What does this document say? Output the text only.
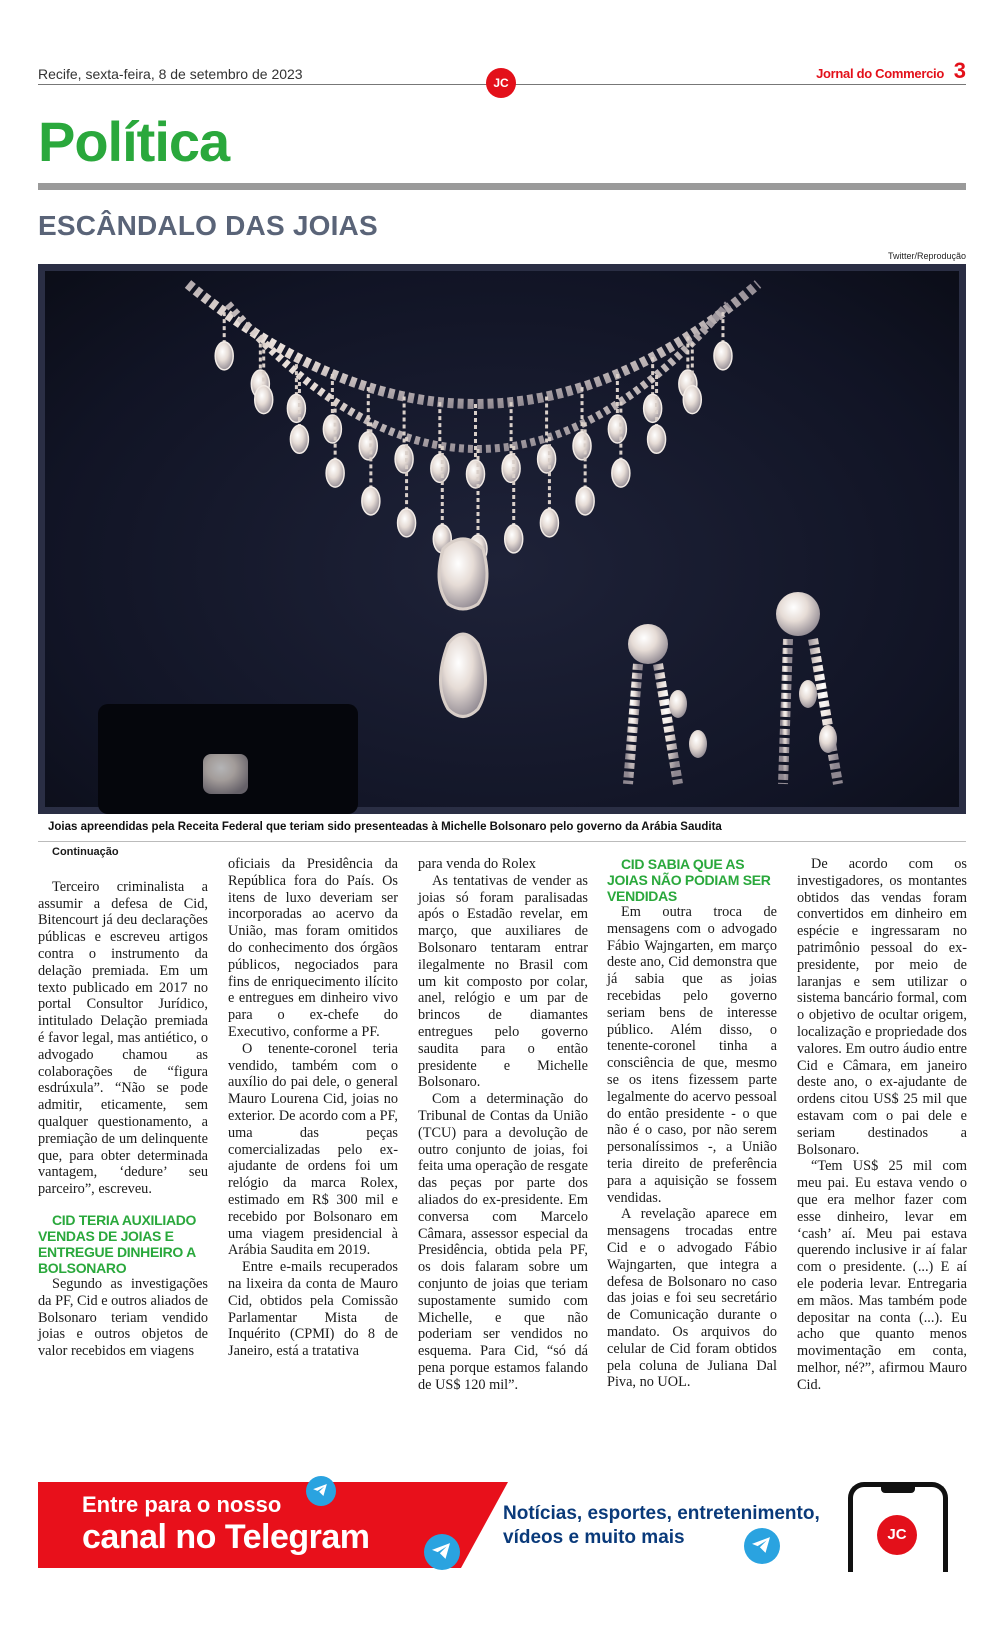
Recife, sexta-feira, 8 de setembro de 2023
JC
Jornal do Commercio 3
Política
ESCÂNDALO DAS JOIAS
Twitter/Reprodução
Joias apreendidas pela Receita Federal que teriam sido presenteadas à Michelle Bolsonaro pelo governo da Arábia Saudita

Continuação

Terceiro criminalista a assumir a defesa de Cid, Bitencourt já deu declarações públicas e escreveu artigos contra o instrumento da delação premiada. Em um texto publicado em 2017 no portal Consultor Jurídico, intitulado Delação premiada é favor legal, mas antiético, o advogado chamou as colaborações de “figura esdrúxula”. “Não se pode admitir, eticamente, sem qualquer questionamento, a premiação de um delinquente que, para obter determinada vantagem, ‘dedure’ seu parceiro”, escreveu.

CID TERIA AUXILIADO VENDAS DE JOIAS E ENTREGUE DINHEIRO A BOLSONARO

Segundo as investigações da PF, Cid e outros aliados de Bolsonaro teriam vendido joias e outros objetos de valor recebidos em viagens

oficiais da Presidência da República fora do País. Os itens de luxo deveriam ser incorporadas ao acervo da União, mas foram omitidos do conhecimento dos órgãos públicos, negociados para fins de enriquecimento ilícito e entregues em dinheiro vivo para o ex-chefe do Executivo, conforme a PF.

O tenente-coronel teria vendido, também com o auxílio do pai dele, o general Mauro Lourena Cid, joias no exterior. De acordo com a PF, uma das peças comercializadas pelo ex-ajudante de ordens foi um relógio da marca Rolex, estimado em R$ 300 mil e recebido por Bolsonaro em uma viagem presidencial à Arábia Saudita em 2019.

Entre e-mails recuperados na lixeira da conta de Mauro Cid, obtidos pela Comissão Parlamentar Mista de Inquérito (CPMI) do 8 de Janeiro, está a tratativa

para venda do Rolex

As tentativas de vender as joias só foram paralisadas após o Estadão revelar, em março, que auxiliares de Bolsonaro tentaram entrar ilegalmente no Brasil com um kit composto por colar, anel, relógio e um par de brincos de diamantes entregues pelo governo saudita para o então presidente e Michelle Bolsonaro.

Com a determinação do Tribunal de Contas da União (TCU) para a devolução de outro conjunto de joias, foi feita uma operação de resgate das peças por parte dos aliados do ex-presidente. Em conversa com Marcelo Câmara, assessor especial da Presidência, obtida pela PF, os dois falaram sobre um conjunto de joias que teriam supostamente sumido com Michelle, e que não poderiam ser vendidos no esquema. Para Cid, “só dá pena porque estamos falando de US$ 120 mil”.

CID SABIA QUE AS JOIAS NÃO PODIAM SER VENDIDAS

Em outra troca de mensagens com o advogado Fábio Wajngarten, em março deste ano, Cid demonstra que já sabia que as joias recebidas pelo governo seriam bens de interesse público. Além disso, o tenente-coronel tinha a consciência de que, mesmo se os itens fizessem parte legalmente do acervo pessoal do então presidente - o que não é o caso, por não serem personalíssimos -, a União teria direito de preferência para a aquisição se fossem vendidas.

A revelação aparece em mensagens trocadas entre Cid e o advogado Fábio Wajngarten, que integra a defesa de Bolsonaro no caso das joias e foi seu secretário de Comunicação durante o mandato. Os arquivos do celular de Cid foram obtidos pela coluna de Juliana Dal Piva, no UOL.

De acordo com os investigadores, os montantes obtidos das vendas foram convertidos em dinheiro em espécie e ingressaram no patrimônio pessoal do ex-presidente, por meio de laranjas e sem utilizar o sistema bancário formal, com o objetivo de ocultar origem, localização e propriedade dos valores. Em outro áudio entre Cid e Câmara, em janeiro deste ano, o ex-ajudante de ordens citou US$ 25 mil que estavam com o pai dele e seriam destinados a Bolsonaro.

“Tem US$ 25 mil com meu pai. Eu estava vendo o que era melhor fazer com esse dinheiro, levar em ‘cash’ aí. Meu pai estava querendo inclusive ir aí falar com o presidente. (...) E aí ele poderia levar. Entregaria em mãos. Mas também pode depositar na conta (...). Eu acho que quanto menos movimentação em conta, melhor, né?”, afirmou Mauro Cid.

Entre para o nosso
canal no Telegram
Notícias, esportes, entretenimento, vídeos e muito mais	JC
